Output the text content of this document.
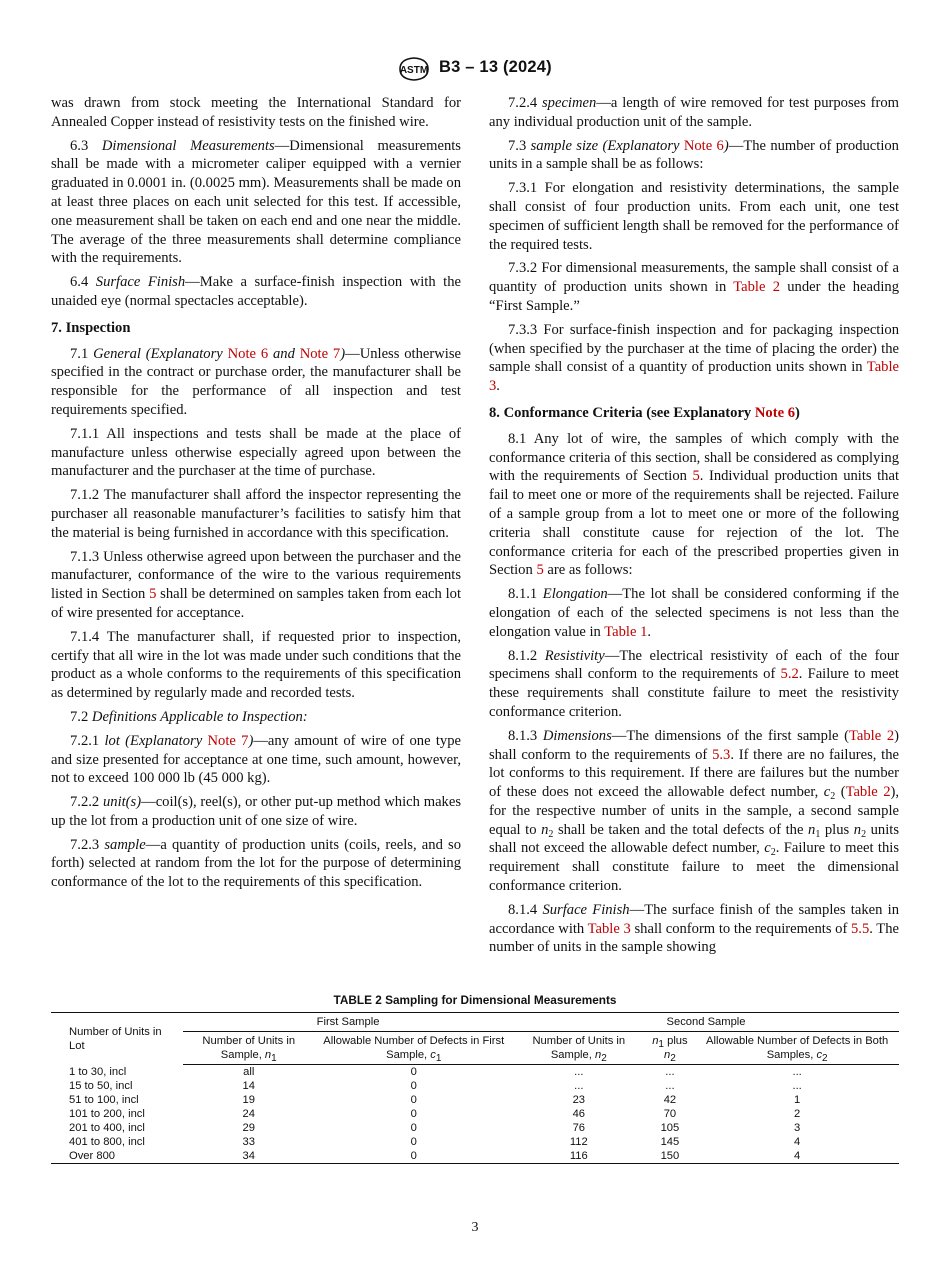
ASTM B3 – 13 (2024)

was drawn from stock meeting the International Standard for Annealed Copper instead of resistivity tests on the finished wire.

6.3 Dimensional Measurements—Dimensional measurements shall be made with a micrometer caliper equipped with a vernier graduated in 0.0001 in. (0.0025 mm). Measurements shall be made on at least three places on each unit selected for this test. If accessible, one measurement shall be taken on each end and one near the middle. The average of the three measurements shall determine compliance with the requirements.

6.4 Surface Finish—Make a surface-finish inspection with the unaided eye (normal spectacles acceptable).

7. Inspection

7.1 General (Explanatory Note 6 and Note 7)—Unless otherwise specified in the contract or purchase order, the manufacturer shall be responsible for the performance of all inspection and test requirements specified.

7.1.1 All inspections and tests shall be made at the place of manufacture unless otherwise especially agreed upon between the manufacturer and the purchaser at the time of purchase.

7.1.2 The manufacturer shall afford the inspector representing the purchaser all reasonable manufacturer’s facilities to satisfy him that the material is being furnished in accordance with this specification.

7.1.3 Unless otherwise agreed upon between the purchaser and the manufacturer, conformance of the wire to the various requirements listed in Section 5 shall be determined on samples taken from each lot of wire presented for acceptance.

7.1.4 The manufacturer shall, if requested prior to inspection, certify that all wire in the lot was made under such conditions that the product as a whole conforms to the requirements of this specification as determined by regularly made and recorded tests.

7.2 Definitions Applicable to Inspection:

7.2.1 lot (Explanatory Note 7)—any amount of wire of one type and size presented for acceptance at one time, such amount, however, not to exceed 100 000 lb (45 000 kg).

7.2.2 unit(s)—coil(s), reel(s), or other put-up method which makes up the lot from a production unit of one size of wire.

7.2.3 sample—a quantity of production units (coils, reels, and so forth) selected at random from the lot for the purpose of determining conformance of the lot to the requirements of this specification.

7.2.4 specimen—a length of wire removed for test purposes from any individual production unit of the sample.

7.3 sample size (Explanatory Note 6)—The number of production units in a sample shall be as follows:

7.3.1 For elongation and resistivity determinations, the sample shall consist of four production units. From each unit, one test specimen of sufficient length shall be removed for the performance of the required tests.

7.3.2 For dimensional measurements, the sample shall consist of a quantity of production units shown in Table 2 under the heading “First Sample.”

7.3.3 For surface-finish inspection and for packaging inspection (when specified by the purchaser at the time of placing the order) the sample shall consist of a quantity of production units shown in Table 3.

8. Conformance Criteria (see Explanatory Note 6)

8.1 Any lot of wire, the samples of which comply with the conformance criteria of this section, shall be considered as complying with the requirements of Section 5. Individual production units that fail to meet one or more of the requirements shall be rejected. Failure of a sample group from a lot to meet one or more of the following criteria shall constitute cause for rejection of the lot. The conformance criteria for each of the prescribed properties given in Section 5 are as follows:

8.1.1 Elongation—The lot shall be considered conforming if the elongation of each of the selected specimens is not less than the elongation value in Table 1.

8.1.2 Resistivity—The electrical resistivity of each of the four specimens shall conform to the requirements of 5.2. Failure to meet these requirements shall constitute failure to meet the resistivity conformance criterion.

8.1.3 Dimensions—The dimensions of the first sample (Table 2) shall conform to the requirements of 5.3. If there are no failures, the lot conforms to this requirement. If there are failures but the number of these does not exceed the allowable defect number, $c_2$ (Table 2), for the respective number of units in the sample, a second sample equal to $n_2$ shall be taken and the total defects of the $n_1$ plus $n_2$ units shall not exceed the allowable defect number, $c_2$. Failure to meet this requirement shall constitute failure to meet the dimensional conformance criterion.

8.1.4 Surface Finish—The surface finish of the samples taken in accordance with Table 3 shall conform to the requirements of 5.5. The number of units in the sample showing

TABLE 2 Sampling for Dimensional Measurements
Number of Units in Lot	First Sample		Second Sample		
	Number of Units in Sample, $n_1$	Allowable Number of Defects in First Sample, $c_1$	Number of Units in Sample, $n_2$	$n_1$ plus $n_2$	Allowable Number of Defects in Both Samples, $c_2$
1 to 30, incl	all	0	...	...	...
15 to 50, incl	14	0	...	...	...
51 to 100, incl	19	0	23	42	1
101 to 200, incl	24	0	46	70	2
201 to 400, incl	29	0	76	105	3
401 to 800, incl	33	0	112	145	4
Over 800	34	0	116	150	4
3
